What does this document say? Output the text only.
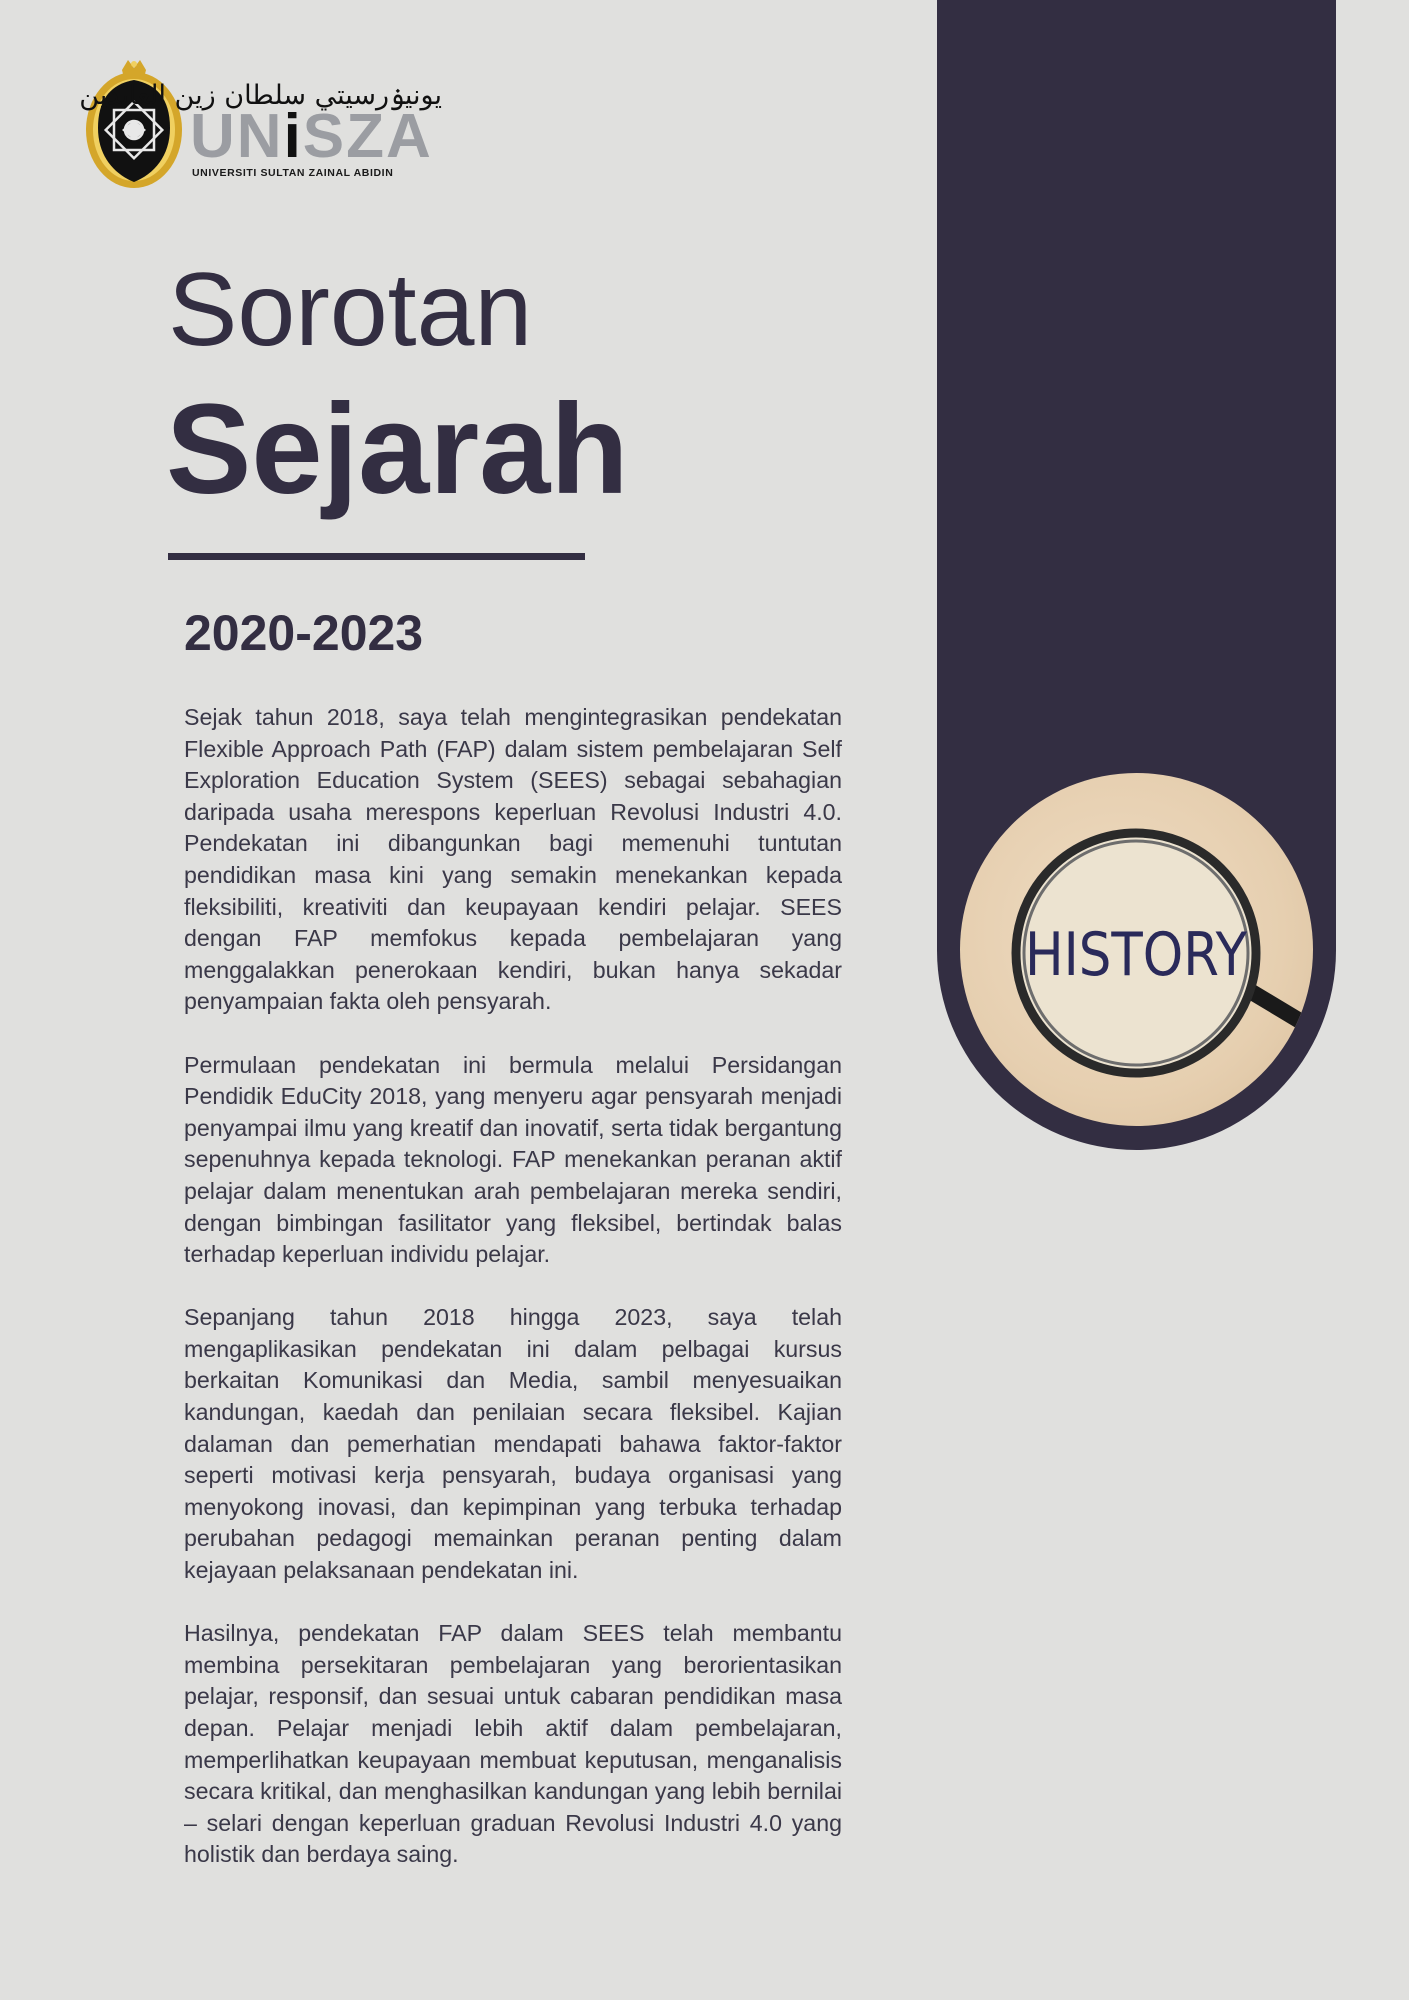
يونيۏرسيتي سلطان زين العابدين
UNiSZA
UNIVERSITI SULTAN ZAINAL ABIDIN
HISTORY
Sorotan
Sejarah
2020-2023

Sejak tahun 2018, saya telah mengintegrasikan pendekatan Flexible Approach Path (FAP) dalam sistem pembelajaran Self Exploration Education System (SEES) sebagai sebahagian daripada usaha merespons keperluan Revolusi Industri 4.0. Pendekatan ini dibangunkan bagi memenuhi tuntutan pendidikan masa kini yang semakin menekankan kepada fleksibiliti, kreativiti dan keupayaan kendiri pelajar. SEES dengan FAP memfokus kepada pembelajaran yang menggalakkan penerokaan kendiri, bukan hanya sekadar penyampaian fakta oleh pensyarah.

Permulaan pendekatan ini bermula melalui Persidangan Pendidik EduCity 2018, yang menyeru agar pensyarah menjadi penyampai ilmu yang kreatif dan inovatif, serta tidak bergantung sepenuhnya kepada teknologi. FAP menekankan peranan aktif pelajar dalam menentukan arah pembelajaran mereka sendiri, dengan bimbingan fasilitator yang fleksibel, bertindak balas terhadap keperluan individu pelajar.

Sepanjang tahun 2018 hingga 2023, saya telah mengaplikasikan pendekatan ini dalam pelbagai kursus berkaitan Komunikasi dan Media, sambil menyesuaikan kandungan, kaedah dan penilaian secara fleksibel. Kajian dalaman dan pemerhatian mendapati bahawa faktor-faktor seperti motivasi kerja pensyarah, budaya organisasi yang menyokong inovasi, dan kepimpinan yang terbuka terhadap perubahan pedagogi memainkan peranan penting dalam kejayaan pelaksanaan pendekatan ini.

Hasilnya, pendekatan FAP dalam SEES telah membantu membina persekitaran pembelajaran yang berorientasikan pelajar, responsif, dan sesuai untuk cabaran pendidikan masa depan. Pelajar menjadi lebih aktif dalam pembelajaran, memperlihatkan keupayaan membuat keputusan, menganalisis secara kritikal, dan menghasilkan kandungan yang lebih bernilai – selari dengan keperluan graduan Revolusi Industri 4.0 yang holistik dan berdaya saing.
